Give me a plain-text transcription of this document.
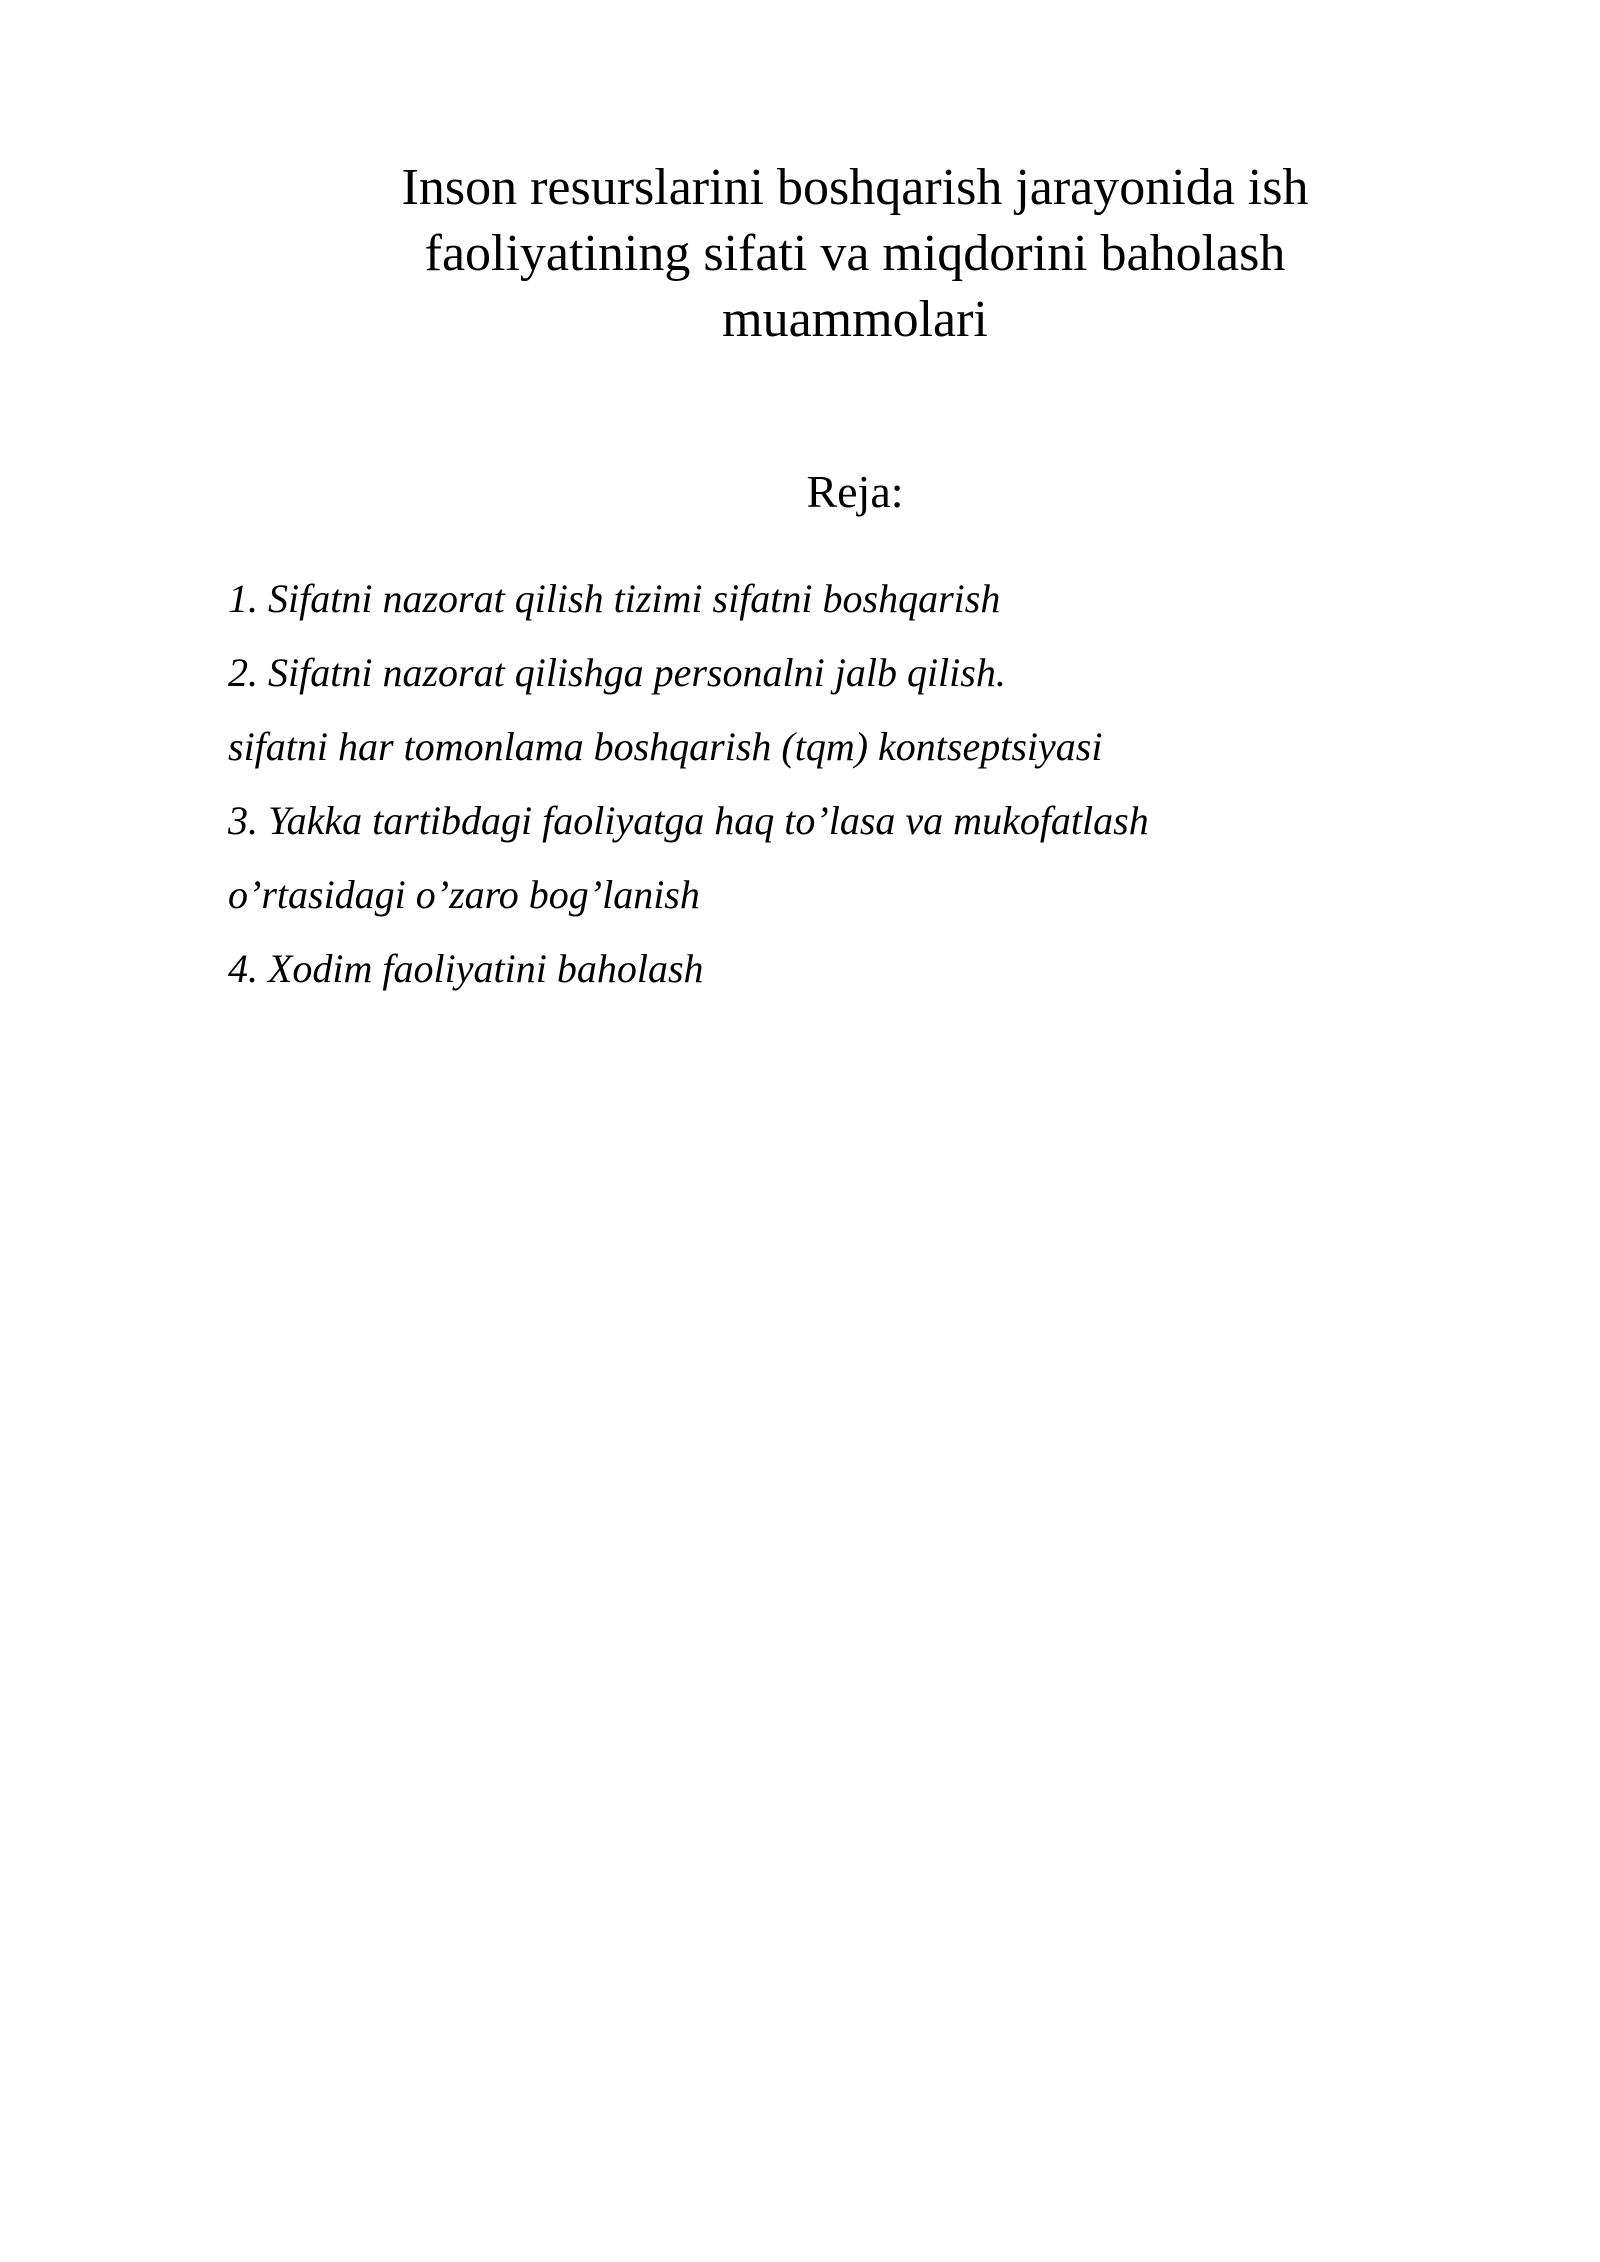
Inson resurslarini boshqarish jarayonida ish
faoliyatining sifati va miqdorini baholash
muammolari
Reja:
1. Sifatni nazorat qilish tizimi sifatni boshqarish
2. Sifatni nazorat qilishga personalni jalb qilish.
sifatni har tomonlama boshqarish (tqm) kontseptsiyasi
3. Yakka tartibdagi faoliyatga haq to’lasa va mukofatlash
o’rtasidagi o’zaro bog’lanish
4. Xodim faoliyatini baholash
